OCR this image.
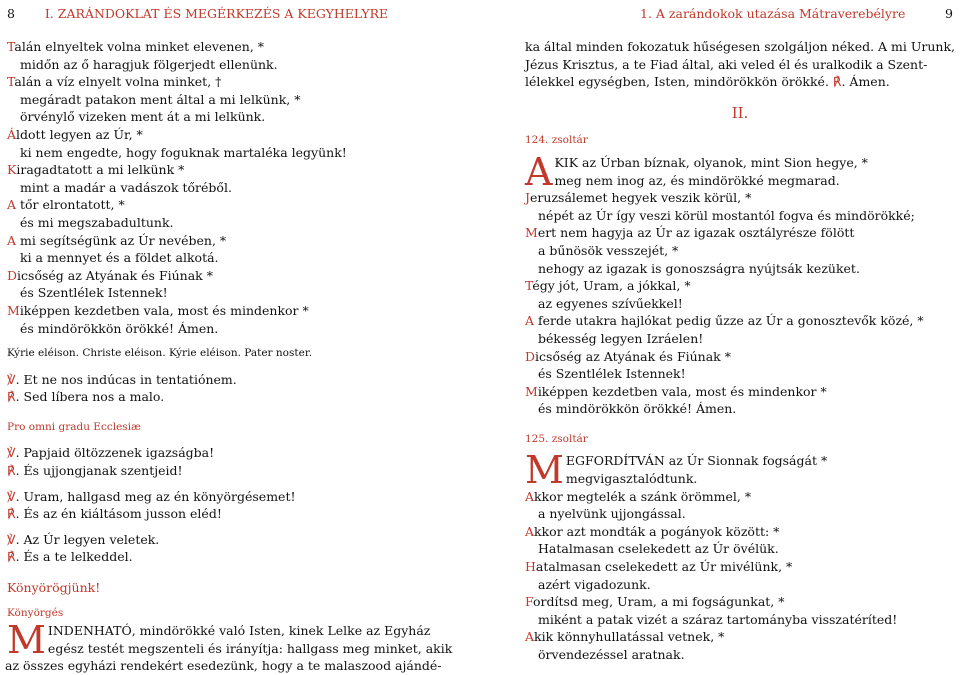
8 I. ZARÁNDOKLAT ÉS MEGÉRKEZÉS A KEGYHELYRE	1. A zarándokok utazása Mátraverebélyre	9
Talán elnyeltek volna minket elevenen, *
midőn az ő haragjuk fölgerjedt ellenünk.
Talán a víz elnyelt volna minket, †
megáradt patakon ment által a mi lelkünk, *
örvénylő vizeken ment át a mi lelkünk.
Áldott legyen az Úr, *
ki nem engedte, hogy foguknak martaléka legyünk!
Kiragadtatott a mi lelkünk *
mint a madár a vadászok tőréből.
A tőr elrontatott, *
és mi megszabadultunk.
A mi segítségünk az Úr nevében, *
ki a mennyet és a földet alkotá.
Dicsőség az Atyának és Fiúnak *
és Szentlélek Istennek!
Miképpen kezdetben vala, most és mindenkor *
és mindörökkön örökké! Ámen.
Kýrie eléison. Christe eléison. Kýrie eléison. Pater noster.
℣. Et ne nos indúcas in tentatiónem.
℟. Sed líbera nos a malo.
Pro omni gradu Ecclesiæ
℣. Papjaid öltözzenek igazságba!
℟. És ujjongjanak szentjeid!
℣. Uram, hallgasd meg az én könyörgésemet!
℟. És az én kiáltásom jusson eléd!
℣. Az Úr legyen veletek.
℟. És a te lelkeddel.
Könyörögjünk!
Könyörgés
M INDENHATÓ, mindörökké való Isten, kinek Lelke az Egyház
egész testét megszenteli és irányítja: hallgass meg minket, akik
az összes egyházi rendekért esedezünk, hogy a te malaszood ajándé-
ka által minden fokozatuk hűségesen szolgáljon néked. A mi Urunk,
Jézus Krisztus, a te Fiad által, aki veled él és uralkodik a Szent-
lélekkel egységben, Isten, mindörökkön örökké. ℟. Ámen.
II.
124. zsoltár
A KIK az Úrban bíznak, olyanok, mint Sion hegye, *
meg nem inog az, és mindörökké megmarad.
Jeruzsálemet hegyek veszik körül, *
népét az Úr így veszi körül mostantól fogva és mindörökké;
Mert nem hagyja az Úr az igazak osztályrésze fölött
a bűnösök vesszejét, *
nehogy az igazak is gonoszságra nyújtsák kezüket.
Tégy jót, Uram, a jókkal, *
az egyenes szívűekkel!
A ferde utakra hajlókat pedig űzze az Úr a gonosztevők közé, *
békesség legyen Izráelen!
Dicsőség az Atyának és Fiúnak *
és Szentlélek Istennek!
Miképpen kezdetben vala, most és mindenkor *
és mindörökkön örökké! Ámen.
125. zsoltár
M EGFORDÍTVÁN az Úr Sionnak fogságát *
megvigasztalódtunk.
Akkor megtelék a szánk örömmel, *
a nyelvünk ujjongással.
Akkor azt mondták a pogányok között: *
Hatalmasan cselekedett az Úr övélük.
Hatalmasan cselekedett az Úr mivélünk, *
azért vigadozunk.
Fordítsd meg, Uram, a mi fogságunkat, *
miként a patak vizét a száraz tartományba visszatéríted!
Akik könnyhullatással vetnek, *
örvendezéssel aratnak.
